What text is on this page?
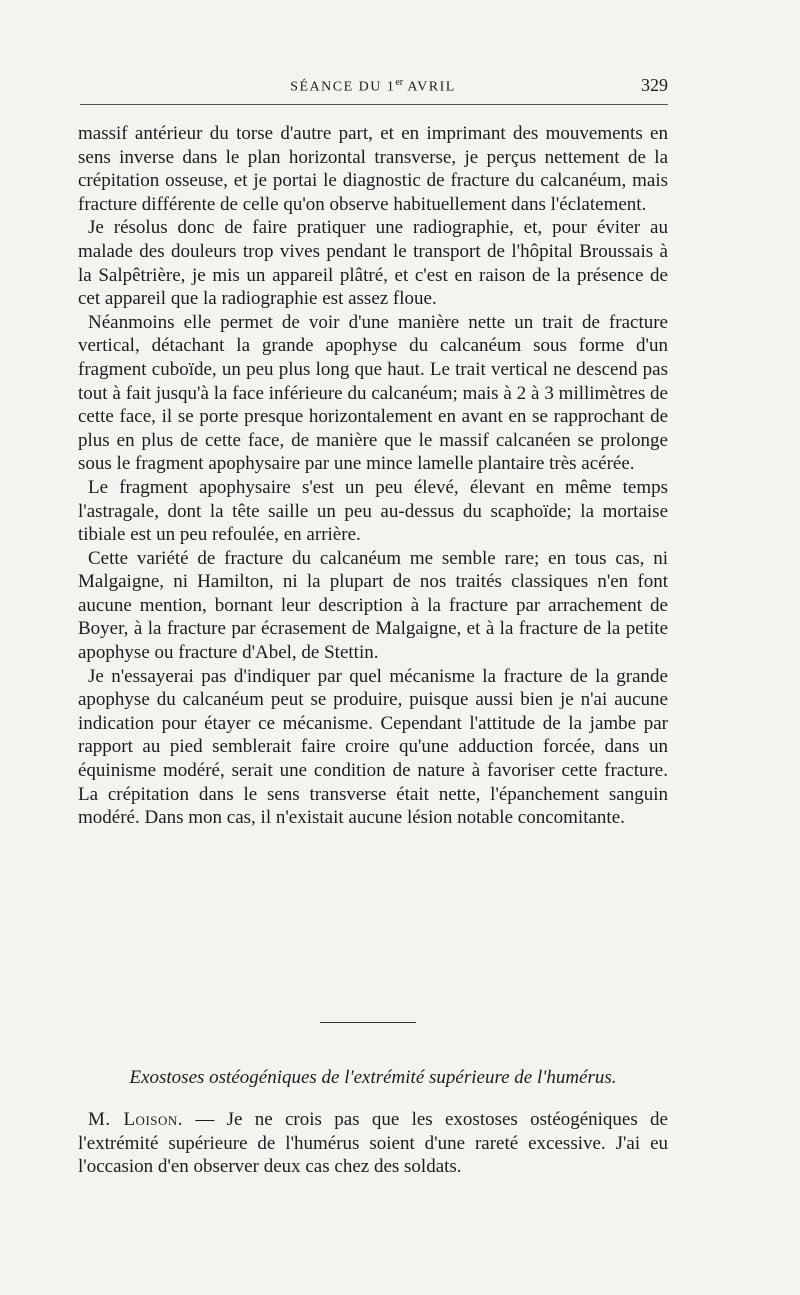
SÉANCE DU 1er AVRIL	329

massif antérieur du torse d'autre part, et en imprimant des mouvements en sens inverse dans le plan horizontal transverse, je perçus nettement de la crépitation osseuse, et je portai le diagnostic de fracture du calcanéum, mais fracture différente de celle qu'on observe habituellement dans l'éclatement.

Je résolus donc de faire pratiquer une radiographie, et, pour éviter au malade des douleurs trop vives pendant le transport de l'hôpital Broussais à la Salpêtrière, je mis un appareil plâtré, et c'est en raison de la présence de cet appareil que la radiographie est assez floue.

Néanmoins elle permet de voir d'une manière nette un trait de fracture vertical, détachant la grande apophyse du calcanéum sous forme d'un fragment cuboïde, un peu plus long que haut. Le trait vertical ne descend pas tout à fait jusqu'à la face inférieure du calcanéum; mais à 2 à 3 millimètres de cette face, il se porte presque horizontalement en avant en se rapprochant de plus en plus de cette face, de manière que le massif calcanéen se prolonge sous le fragment apophysaire par une mince lamelle plantaire très acérée.

Le fragment apophysaire s'est un peu élevé, élevant en même temps l'astragale, dont la tête saille un peu au-dessus du scaphoïde; la mortaise tibiale est un peu refoulée, en arrière.

Cette variété de fracture du calcanéum me semble rare; en tous cas, ni Malgaigne, ni Hamilton, ni la plupart de nos traités classiques n'en font aucune mention, bornant leur description à la fracture par arrachement de Boyer, à la fracture par écrasement de Malgaigne, et à la fracture de la petite apophyse ou fracture d'Abel, de Stettin.

Je n'essayerai pas d'indiquer par quel mécanisme la fracture de la grande apophyse du calcanéum peut se produire, puisque aussi bien je n'ai aucune indication pour étayer ce mécanisme. Cependant l'attitude de la jambe par rapport au pied semblerait faire croire qu'une adduction forcée, dans un équinisme modéré, serait une condition de nature à favoriser cette fracture. La crépitation dans le sens transverse était nette, l'épanchement sanguin modéré. Dans mon cas, il n'existait aucune lésion notable concomitante.

Exostoses ostéogéniques de l'extrémité supérieure de l'humérus.

M. Loison. — Je ne crois pas que les exostoses ostéogéniques de l'extrémité supérieure de l'humérus soient d'une rareté excessive. J'ai eu l'occasion d'en observer deux cas chez des soldats.
